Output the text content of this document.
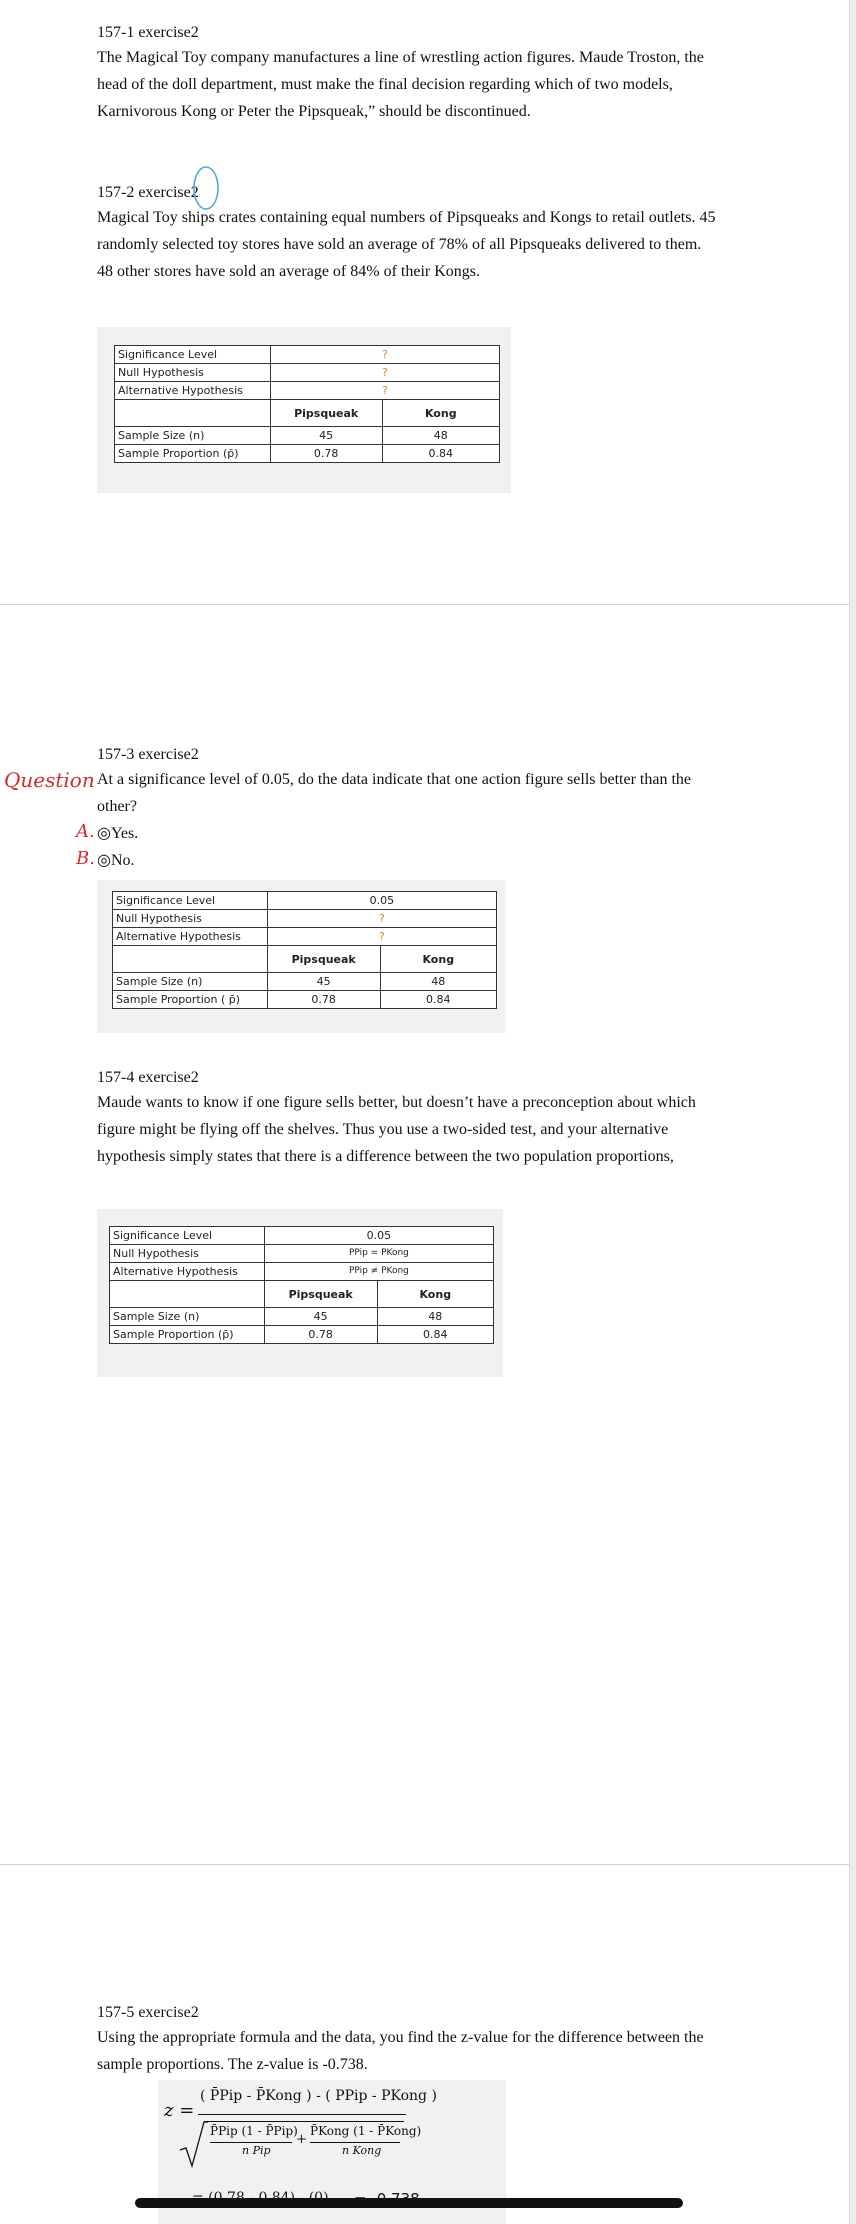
157-1 exercise2

The Magical Toy company manufactures a line of wrestling action figures. Maude Troston, the head of the doll department, must make the final decision regarding which of two models, Karnivorous Kong or Peter the Pipsqueak,” should be discontinued.

157-2 exercise2

Magical Toy ships crates containing equal numbers of Pipsqueaks and Kongs to retail outlets. 45 randomly selected toy stores have sold an average of 78% of all Pipsqueaks delivered to them. 48 other stores have sold an average of 84% of their Kongs.

Significance Level	?	
Null Hypothesis	?	
Alternative Hypothesis	?	
	Pipsqueak	Kong
Sample Size (n)	45	48
Sample Proportion (p̄)	0.78	0.84

157-3 exercise2

At a significance level of 0.05, do the data indicate that one action figure sells better than the other?

Question
A.
B.
◎Yes.
◎No.
Significance Level	0.05	
Null Hypothesis	?	
Alternative Hypothesis	?	
	Pipsqueak	Kong
Sample Size (n)	45	48
Sample Proportion ( p̄)	0.78	0.84

157-4 exercise2

Maude wants to know if one figure sells better, but doesn’t have a preconception about which figure might be flying off the shelves. Thus you use a two-sided test, and your alternative hypothesis simply states that there is a difference between the two population proportions,

Significance Level	0.05	
Null Hypothesis	PPip = PKong	
Alternative Hypothesis	PPip ≠ PKong	
	Pipsqueak	Kong
Sample Size (n)	45	48
Sample Proportion (p̄)	0.78	0.84

157-5 exercise2

Using the appropriate formula and the data, you find the z-value for the difference between the sample proportions. The z-value is -0.738.

z =
( P̄Pip - P̄Kong ) - ( PPip - PKong )
P̄Pip (1 - P̄Pip)
n Pip
+
P̄Kong (1 - P̄Kong)
n Kong
